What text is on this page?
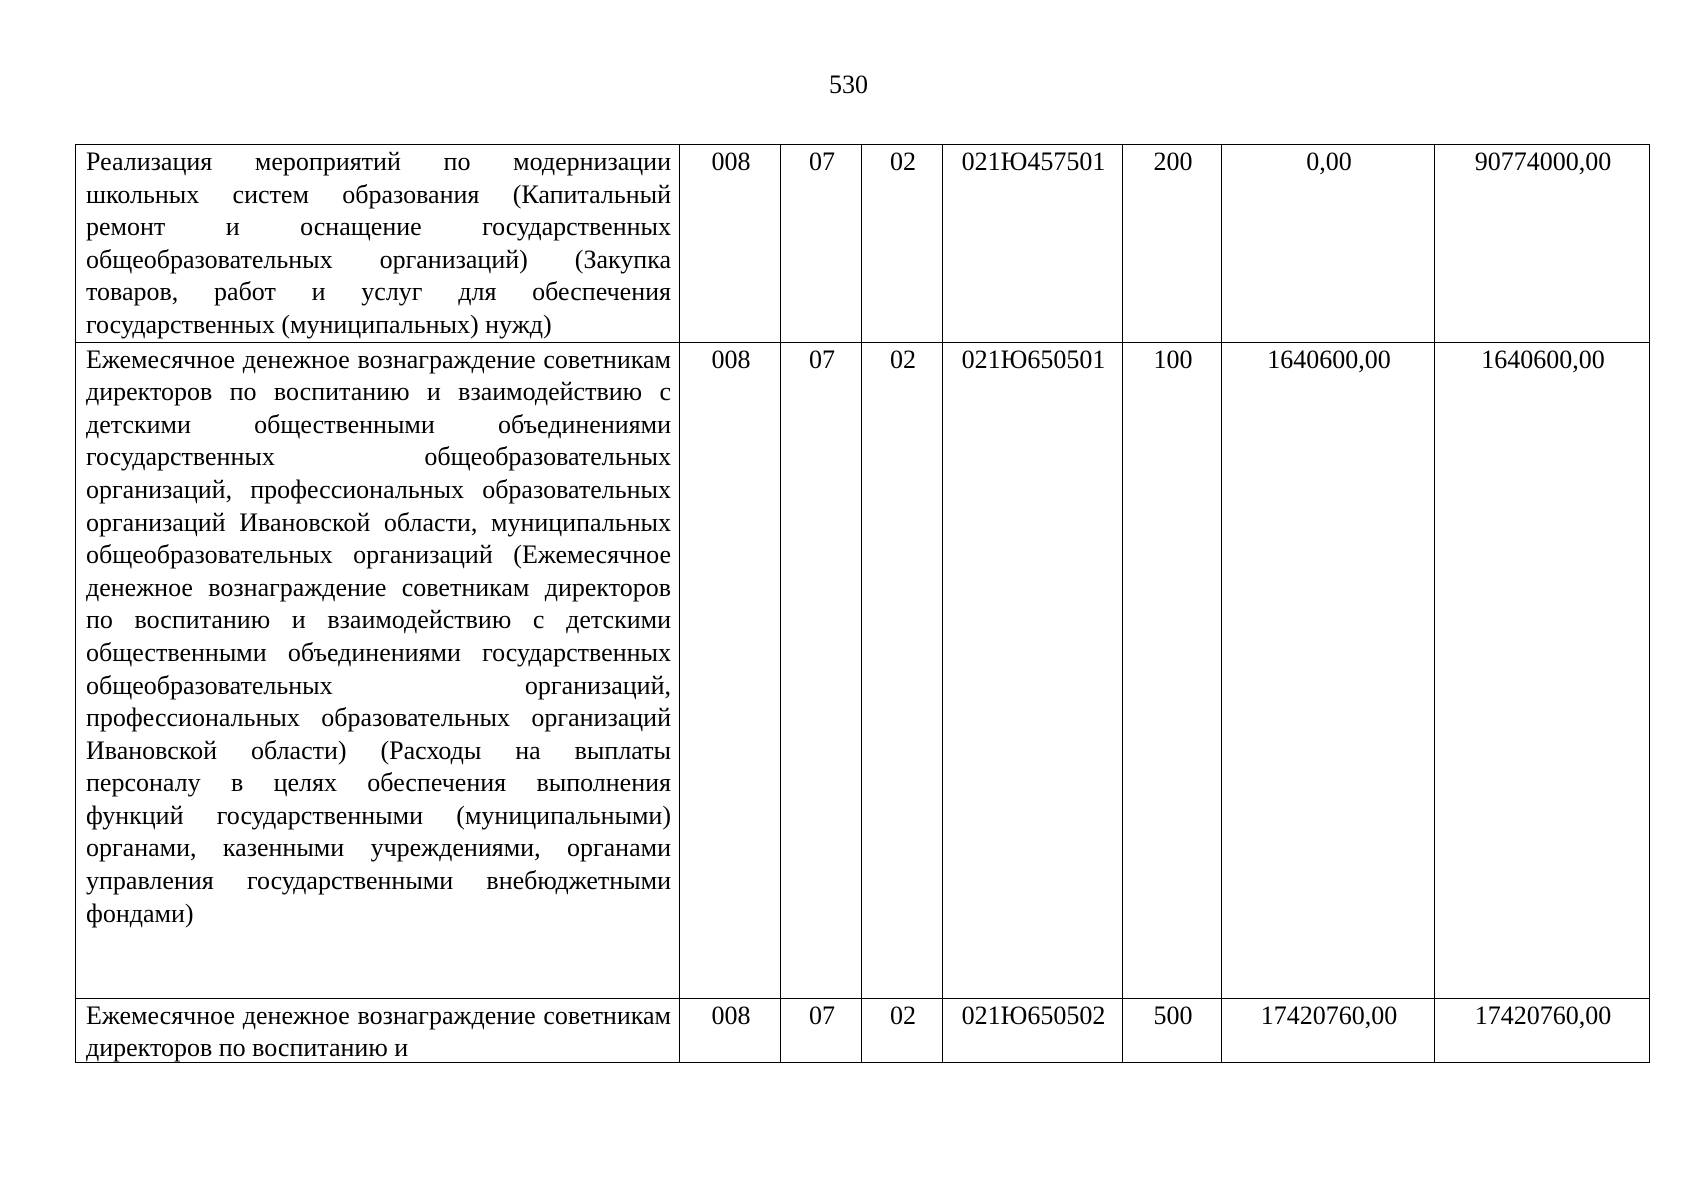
530
Реализация мероприятий по модернизации школьных систем образования (Капитальный ремонт и оснащение государственных общеобразовательных организаций) (Закупка товаров, работ и услуг для обеспечения государственных (муниципальных) нужд)	008	07	02	021Ю457501	200	0,00	90774000,00
Ежемесячное денежное вознаграждение советникам директоров по воспитанию и взаимодействию с детскими общественными объединениями государственных общеобразовательных организаций, профессиональных образовательных организаций Ивановской области, муниципальных общеобразовательных организаций (Ежемесячное денежное вознаграждение советникам директоров по воспитанию и взаимодействию с детскими общественными объединениями государственных общеобразовательных организаций, профессиональных образовательных организаций Ивановской области) (Расходы на выплаты персоналу в целях обеспечения выполнения функций государственными (муниципальными) органами, казенными учреждениями, органами управления государственными внебюджетными фондами)	008	07	02	021Ю650501	100	1640600,00	1640600,00

Ежемесячное денежное вознаграждение советникам директоров по воспитанию и	008	07	02	021Ю650502	500	17420760,00	17420760,00
